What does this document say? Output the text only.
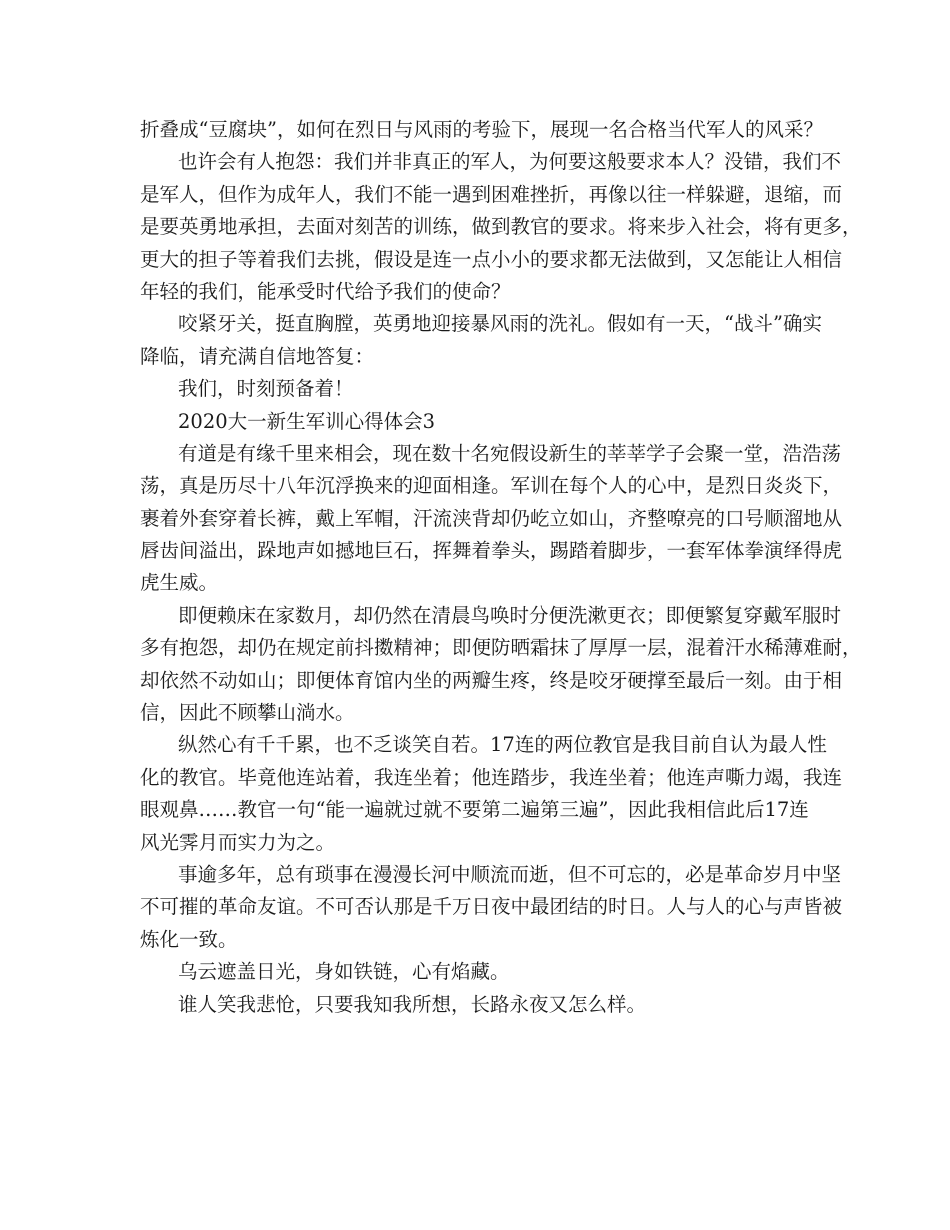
折叠成“豆腐块”，如何在烈日与风雨的考验下，展现一名合格当代军人的风采？
也许会有人抱怨：我们并非真正的军人，为何要这般要求本人？没错，我们不
是军人，但作为成年人，我们不能一遇到困难挫折，再像以往一样躲避，退缩，而
是要英勇地承担，去面对刻苦的训练，做到教官的要求。将来步入社会，将有更多，
更大的担子等着我们去挑，假设是连一点小小的要求都无法做到，又怎能让人相信
年轻的我们，能承受时代给予我们的使命？
咬紧牙关，挺直胸膛，英勇地迎接暴风雨的洗礼。假如有一天，“战斗”确实
降临，请充满自信地答复：
我们，时刻预备着！
2020大一新生军训心得体会3
有道是有缘千里来相会，现在数十名宛假设新生的莘莘学子会聚一堂，浩浩荡
荡，真是历尽十八年沉浮换来的迎面相逢。军训在每个人的心中，是烈日炎炎下，
裹着外套穿着长裤，戴上军帽，汗流浃背却仍屹立如山，齐整嘹亮的口号顺溜地从
唇齿间溢出，跺地声如撼地巨石，挥舞着拳头，踢踏着脚步，一套军体拳演绎得虎
虎生威。
即便赖床在家数月，却仍然在清晨鸟唤时分便洗漱更衣；即便繁复穿戴军服时
多有抱怨，却仍在规定前抖擞精神；即便防晒霜抹了厚厚一层，混着汗水稀薄难耐，
却依然不动如山；即便体育馆内坐的两瓣生疼，终是咬牙硬撑至最后一刻。由于相
信，因此不顾攀山淌水。
纵然心有千千累，也不乏谈笑自若。17连的两位教官是我目前自认为最人性
化的教官。毕竟他连站着，我连坐着；他连踏步，我连坐着；他连声嘶力竭，我连
眼观鼻……教官一句“能一遍就过就不要第二遍第三遍”，因此我相信此后17连
风光霁月而实力为之。
事逾多年，总有琐事在漫漫长河中顺流而逝，但不可忘的，必是革命岁月中坚
不可摧的革命友谊。不可否认那是千万日夜中最团结的时日。人与人的心与声皆被
炼化一致。
乌云遮盖日光，身如铁链，心有焰藏。
谁人笑我悲怆，只要我知我所想，长路永夜又怎么样。
